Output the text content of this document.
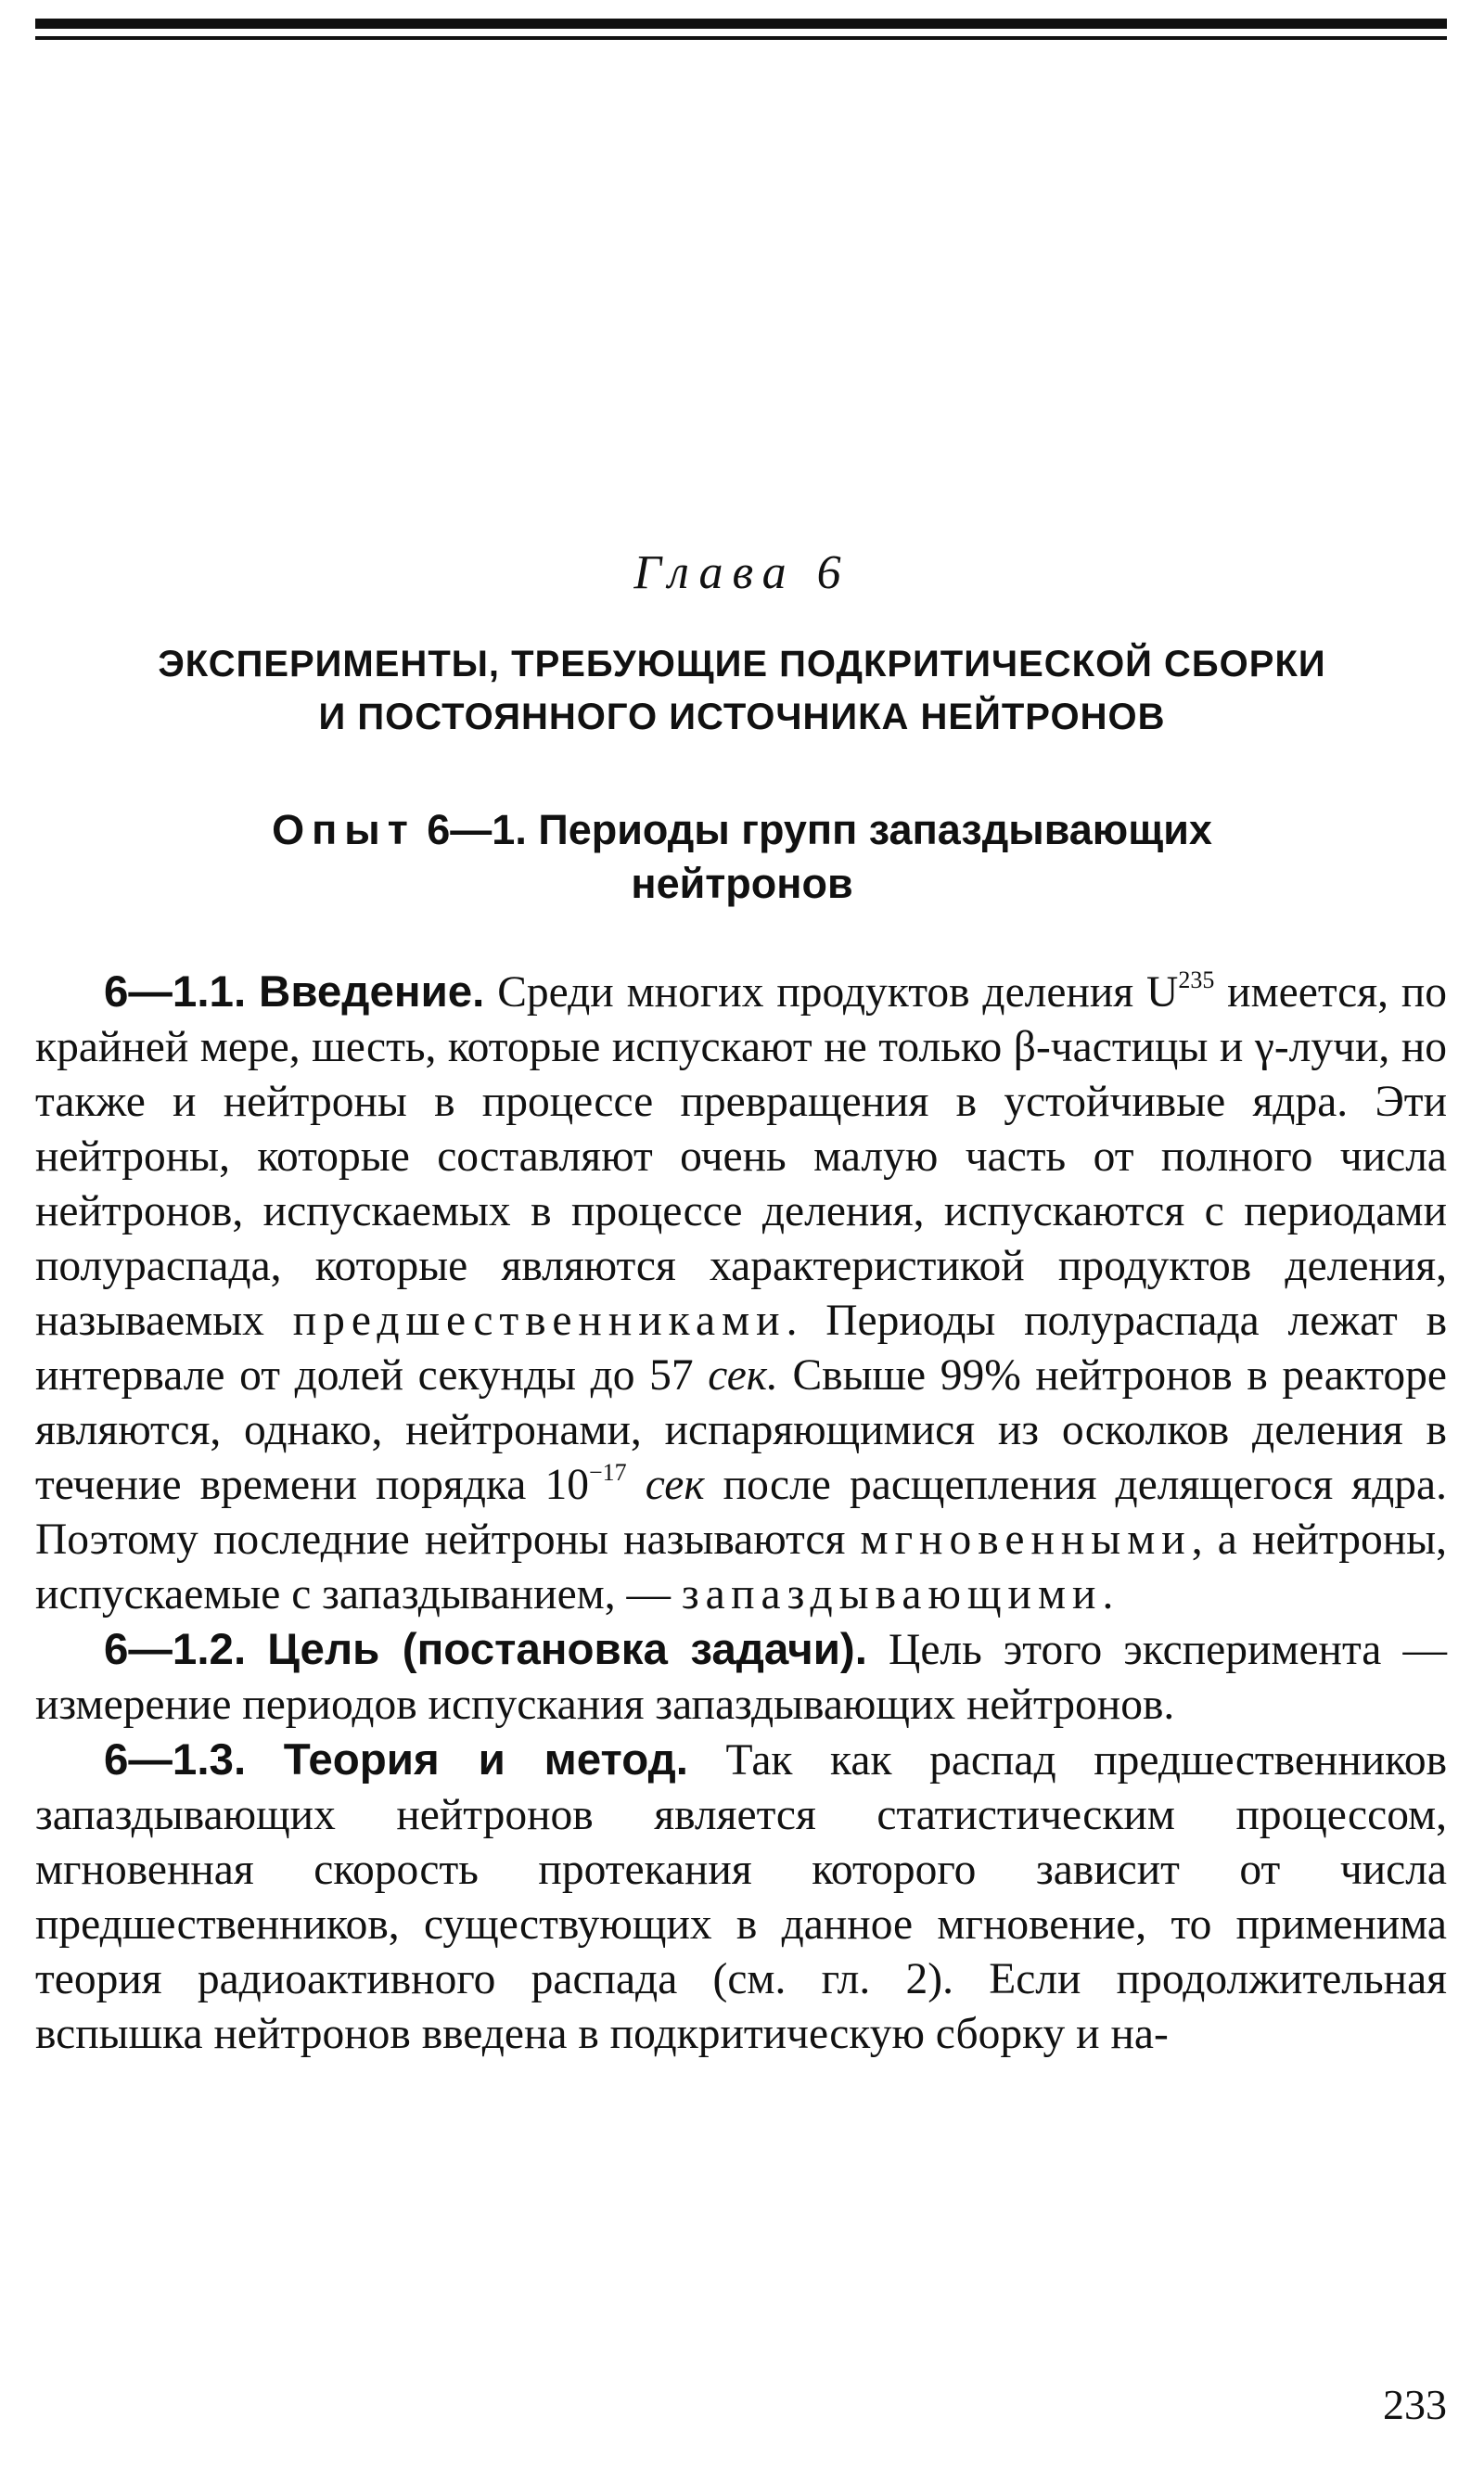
Глава 6
ЭКСПЕРИМЕНТЫ, ТРЕБУЮЩИЕ ПОДКРИТИЧЕСКОЙ СБОРКИ
И ПОСТОЯННОГО ИСТОЧНИКА НЕЙТРОНОВ
Опыт 6—1. Периоды групп запаздывающих
нейтронов

6—1.1. Введение. Среди многих продуктов деления $U^{235}$ имеется, по крайней мере, шесть, которые испускают не только β-частицы и γ-лучи, но также и нейтроны в процессе превращения в устойчивые ядра. Эти нейтроны, которые составляют очень малую часть от полного числа нейтронов, испускаемых в процессе деления, испускаются с периодами полураспада, которые являются характеристикой продуктов деления, называемых предшественниками. Периоды полураспада лежат в интервале от долей секунды до 57 сек. Свыше 99% нейтронов в реакторе являются, однако, нейтронами, испаряющимися из осколков деления в течение времени порядка $10^{-17}$ сек после расщепления делящегося ядра. Поэтому последние нейтроны называются мгновенными, а нейтроны, испускаемые с запаздыванием, — запаздывающими.

6—1.2. Цель (постановка задачи). Цель этого эксперимента — измерение периодов испускания запаздывающих нейтронов.

6—1.3. Теория и метод. Так как распад предшественников запаздывающих нейтронов является статистическим процессом, мгновенная скорость протекания которого зависит от числа предшественников, существующих в данное мгновение, то применима теория радиоактивного распада (см. гл. 2). Если продолжительная вспышка нейтронов введена в подкритическую сборку и на-

233
